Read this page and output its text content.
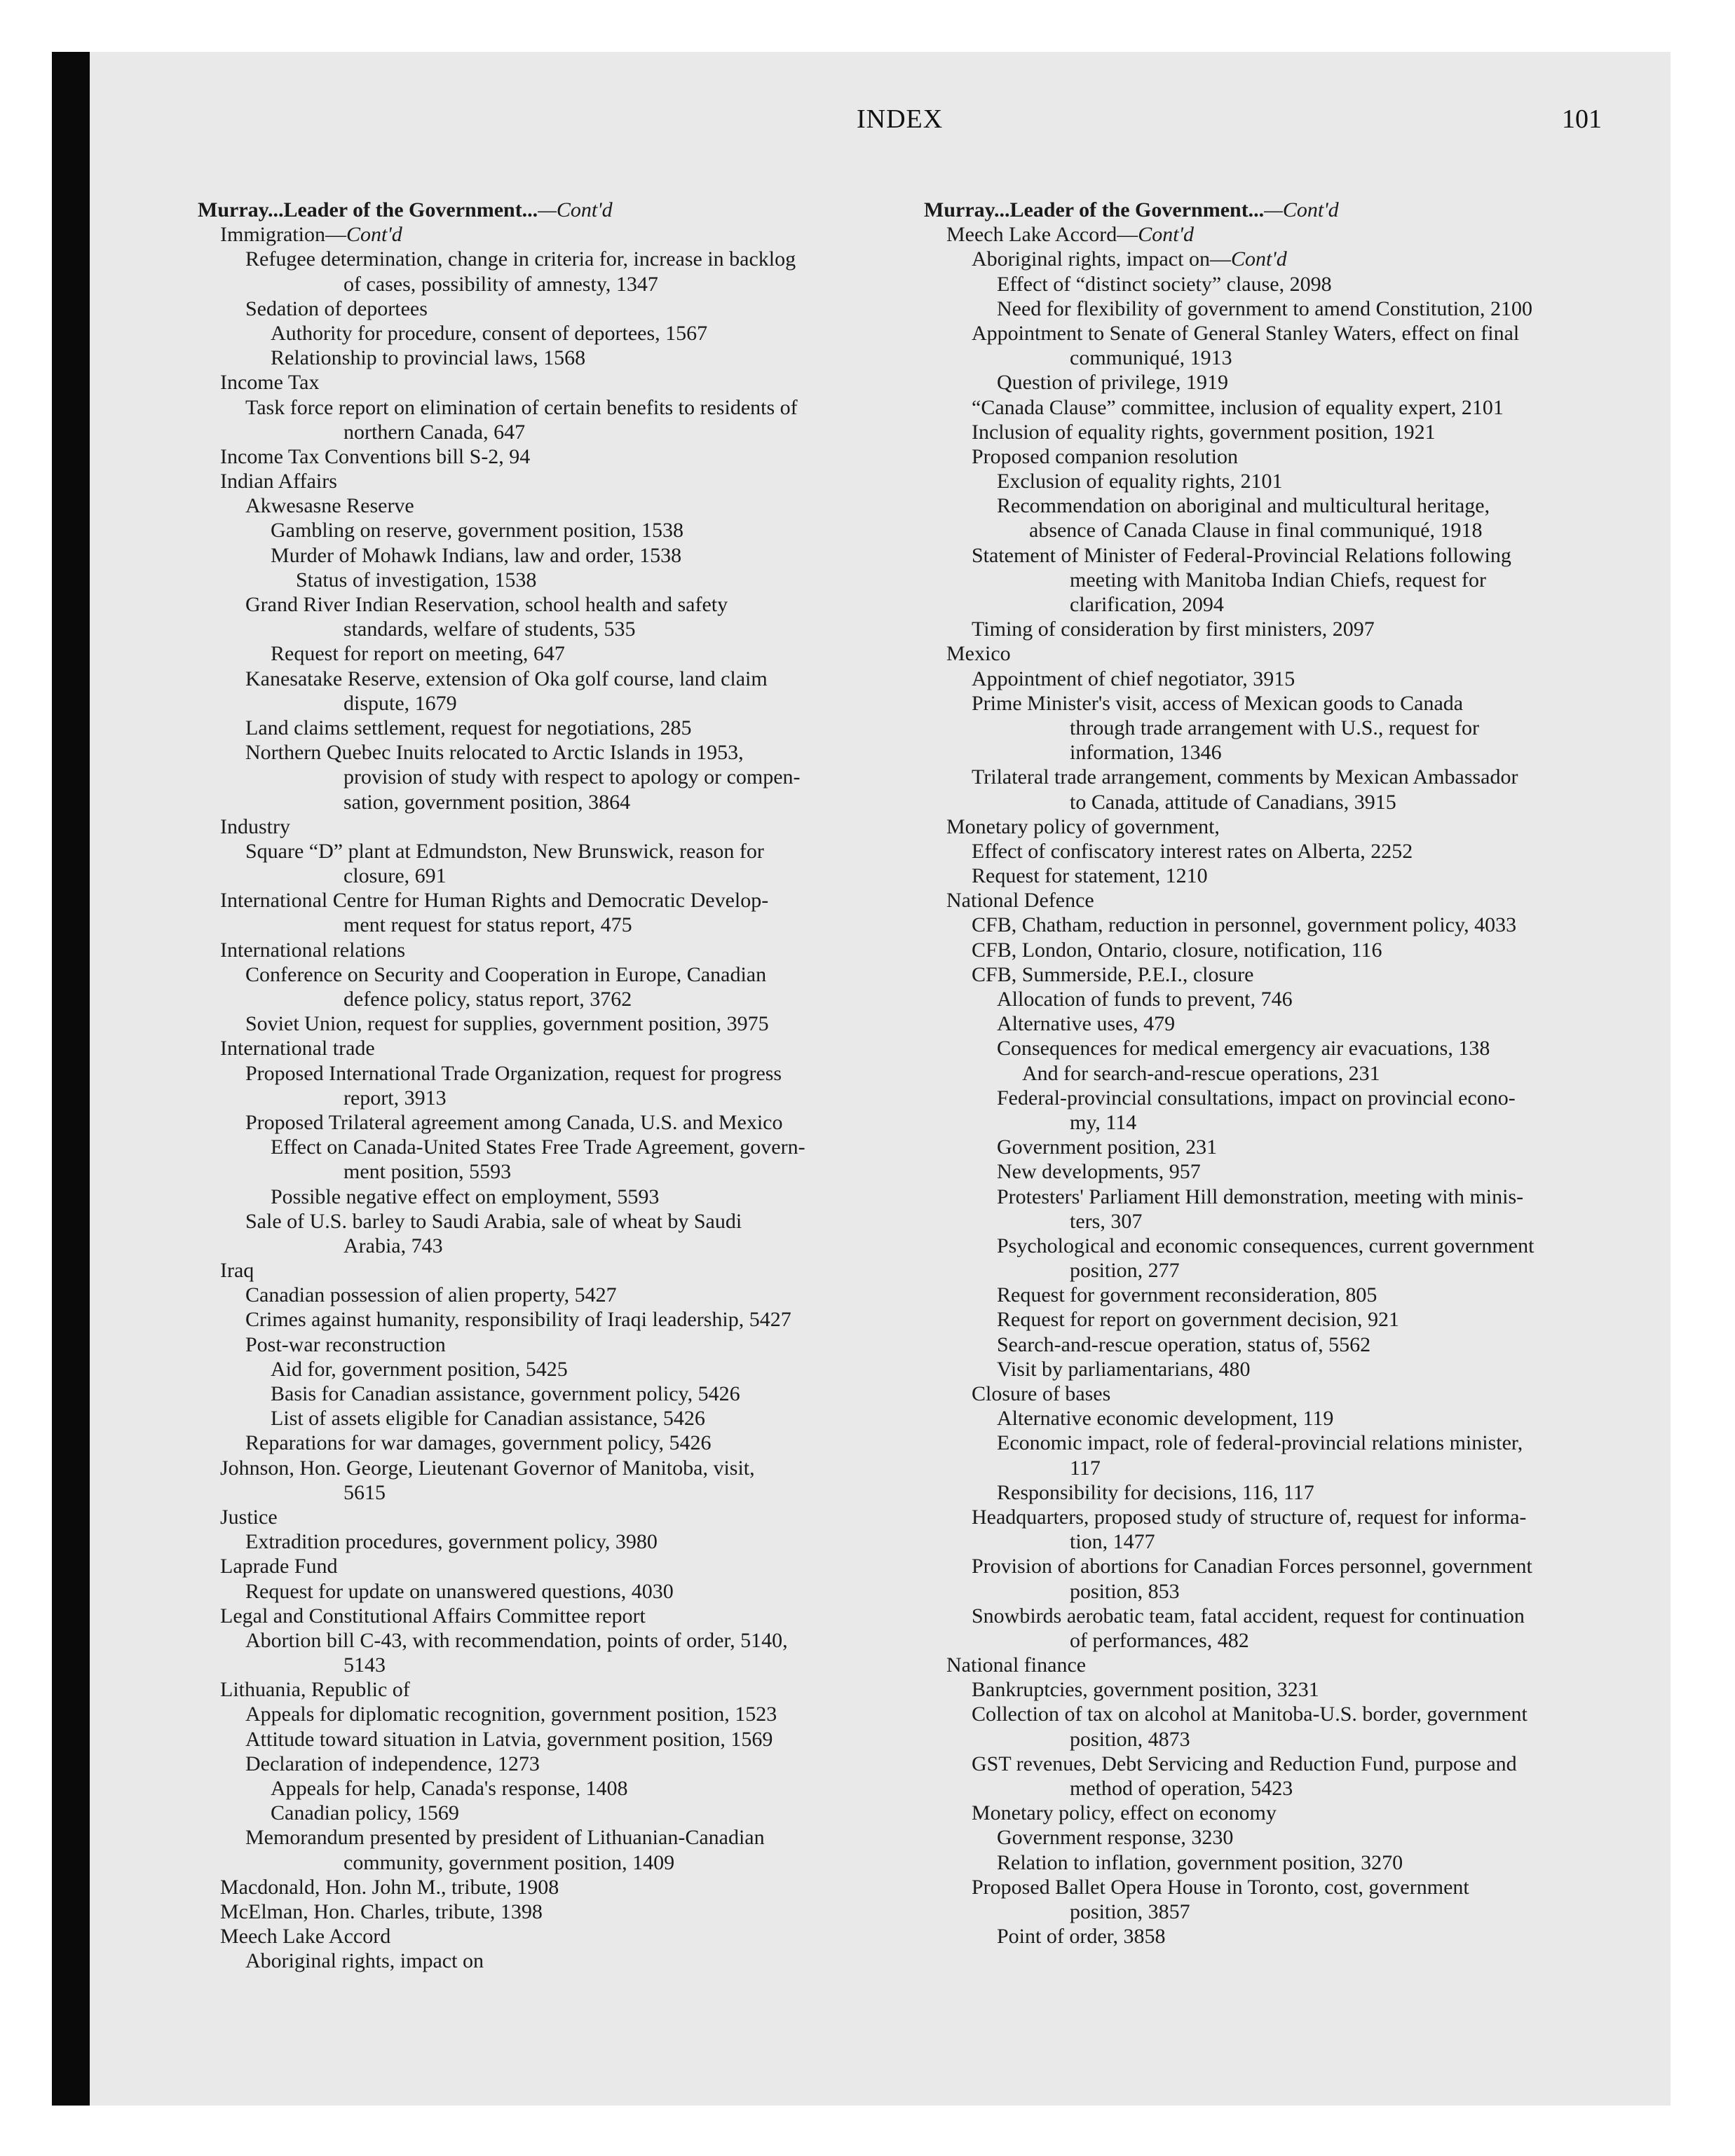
INDEX	101
Murray...Leader of the Government...—Cont'd
Immigration—Cont'd
Refugee determination, change in criteria for, increase in backlog
of cases, possibility of amnesty, 1347
Sedation of deportees
Authority for procedure, consent of deportees, 1567
Relationship to provincial laws, 1568
Income Tax
Task force report on elimination of certain benefits to residents of
northern Canada, 647
Income Tax Conventions bill S-2, 94
Indian Affairs
Akwesasne Reserve
Gambling on reserve, government position, 1538
Murder of Mohawk Indians, law and order, 1538
Status of investigation, 1538
Grand River Indian Reservation, school health and safety
standards, welfare of students, 535
Request for report on meeting, 647
Kanesatake Reserve, extension of Oka golf course, land claim
dispute, 1679
Land claims settlement, request for negotiations, 285
Northern Quebec Inuits relocated to Arctic Islands in 1953,
provision of study with respect to apology or compen-
sation, government position, 3864
Industry
Square “D” plant at Edmundston, New Brunswick, reason for
closure, 691
International Centre for Human Rights and Democratic Develop-
ment request for status report, 475
International relations
Conference on Security and Cooperation in Europe, Canadian
defence policy, status report, 3762
Soviet Union, request for supplies, government position, 3975
International trade
Proposed International Trade Organization, request for progress
report, 3913
Proposed Trilateral agreement among Canada, U.S. and Mexico
Effect on Canada-United States Free Trade Agreement, govern-
ment position, 5593
Possible negative effect on employment, 5593
Sale of U.S. barley to Saudi Arabia, sale of wheat by Saudi
Arabia, 743
Iraq
Canadian possession of alien property, 5427
Crimes against humanity, responsibility of Iraqi leadership, 5427
Post-war reconstruction
Aid for, government position, 5425
Basis for Canadian assistance, government policy, 5426
List of assets eligible for Canadian assistance, 5426
Reparations for war damages, government policy, 5426
Johnson, Hon. George, Lieutenant Governor of Manitoba, visit,
5615
Justice
Extradition procedures, government policy, 3980
Laprade Fund
Request for update on unanswered questions, 4030
Legal and Constitutional Affairs Committee report
Abortion bill C-43, with recommendation, points of order, 5140,
5143
Lithuania, Republic of
Appeals for diplomatic recognition, government position, 1523
Attitude toward situation in Latvia, government position, 1569
Declaration of independence, 1273
Appeals for help, Canada's response, 1408
Canadian policy, 1569
Memorandum presented by president of Lithuanian-Canadian
community, government position, 1409
Macdonald, Hon. John M., tribute, 1908
McElman, Hon. Charles, tribute, 1398
Meech Lake Accord
Aboriginal rights, impact on
Murray...Leader of the Government...—Cont'd
Meech Lake Accord—Cont'd
Aboriginal rights, impact on—Cont'd
Effect of “distinct society” clause, 2098
Need for flexibility of government to amend Constitution, 2100
Appointment to Senate of General Stanley Waters, effect on final
communiqué, 1913
Question of privilege, 1919
“Canada Clause” committee, inclusion of equality expert, 2101
Inclusion of equality rights, government position, 1921
Proposed companion resolution
Exclusion of equality rights, 2101
Recommendation on aboriginal and multicultural heritage,
absence of Canada Clause in final communiqué, 1918
Statement of Minister of Federal-Provincial Relations following
meeting with Manitoba Indian Chiefs, request for
clarification, 2094
Timing of consideration by first ministers, 2097
Mexico
Appointment of chief negotiator, 3915
Prime Minister's visit, access of Mexican goods to Canada
through trade arrangement with U.S., request for
information, 1346
Trilateral trade arrangement, comments by Mexican Ambassador
to Canada, attitude of Canadians, 3915
Monetary policy of government,
Effect of confiscatory interest rates on Alberta, 2252
Request for statement, 1210
National Defence
CFB, Chatham, reduction in personnel, government policy, 4033
CFB, London, Ontario, closure, notification, 116
CFB, Summerside, P.E.I., closure
Allocation of funds to prevent, 746
Alternative uses, 479
Consequences for medical emergency air evacuations, 138
And for search-and-rescue operations, 231
Federal-provincial consultations, impact on provincial econo-
my, 114
Government position, 231
New developments, 957
Protesters' Parliament Hill demonstration, meeting with minis-
ters, 307
Psychological and economic consequences, current government
position, 277
Request for government reconsideration, 805
Request for report on government decision, 921
Search-and-rescue operation, status of, 5562
Visit by parliamentarians, 480
Closure of bases
Alternative economic development, 119
Economic impact, role of federal-provincial relations minister,
117
Responsibility for decisions, 116, 117
Headquarters, proposed study of structure of, request for informa-
tion, 1477
Provision of abortions for Canadian Forces personnel, government
position, 853
Snowbirds aerobatic team, fatal accident, request for continuation
of performances, 482
National finance
Bankruptcies, government position, 3231
Collection of tax on alcohol at Manitoba-U.S. border, government
position, 4873
GST revenues, Debt Servicing and Reduction Fund, purpose and
method of operation, 5423
Monetary policy, effect on economy
Government response, 3230
Relation to inflation, government position, 3270
Proposed Ballet Opera House in Toronto, cost, government
position, 3857
Point of order, 3858
